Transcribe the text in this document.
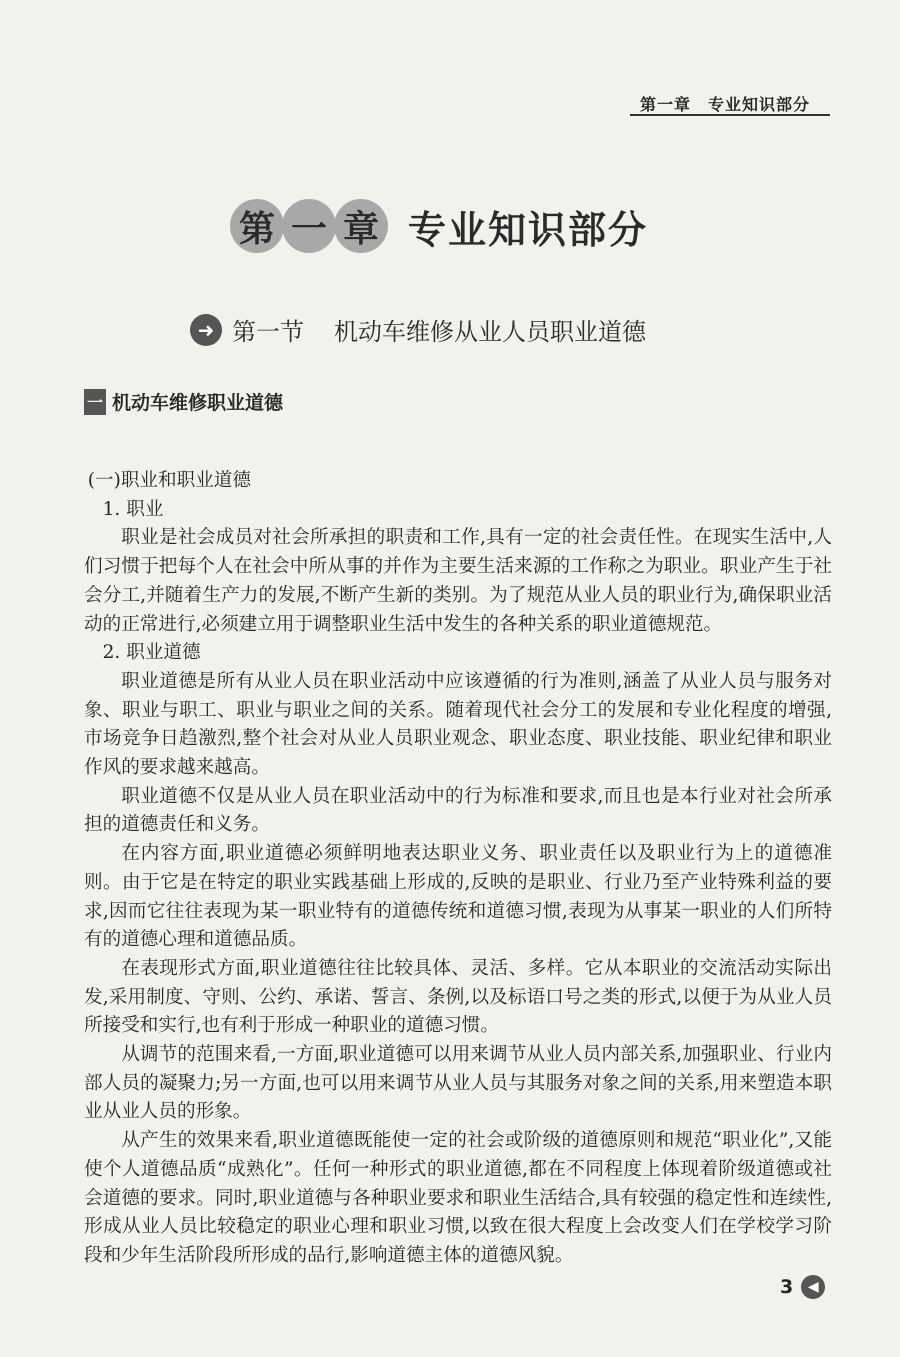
第一章　专业知识部分
第 一 章 专业知识部分
➜ 第一节 机动车维修从业人员职业道德
一 机动车维修职业道德

(一)职业和职业道德

1. 职业

职业是社会成员对社会所承担的职责和工作,具有一定的社会责任性。在现实生活中,人们习惯于把每个人在社会中所从事的并作为主要生活来源的工作称之为职业。职业产生于社会分工,并随着生产力的发展,不断产生新的类别。为了规范从业人员的职业行为,确保职业活动的正常进行,必须建立用于调整职业生活中发生的各种关系的职业道德规范。

2. 职业道德

职业道德是所有从业人员在职业活动中应该遵循的行为准则,涵盖了从业人员与服务对象、职业与职工、职业与职业之间的关系。随着现代社会分工的发展和专业化程度的增强,市场竞争日趋激烈,整个社会对从业人员职业观念、职业态度、职业技能、职业纪律和职业作风的要求越来越高。

职业道德不仅是从业人员在职业活动中的行为标准和要求,而且也是本行业对社会所承担的道德责任和义务。

在内容方面,职业道德必须鲜明地表达职业义务、职业责任以及职业行为上的道德准则。由于它是在特定的职业实践基础上形成的,反映的是职业、行业乃至产业特殊利益的要求,因而它往往表现为某一职业特有的道德传统和道德习惯,表现为从事某一职业的人们所特有的道德心理和道德品质。

在表现形式方面,职业道德往往比较具体、灵活、多样。它从本职业的交流活动实际出发,采用制度、守则、公约、承诺、誓言、条例,以及标语口号之类的形式,以便于为从业人员所接受和实行,也有利于形成一种职业的道德习惯。

从调节的范围来看,一方面,职业道德可以用来调节从业人员内部关系,加强职业、行业内部人员的凝聚力;另一方面,也可以用来调节从业人员与其服务对象之间的关系,用来塑造本职业从业人员的形象。

从产生的效果来看,职业道德既能使一定的社会或阶级的道德原则和规范“职业化”,又能使个人道德品质“成熟化”。任何一种形式的职业道德,都在不同程度上体现着阶级道德或社会道德的要求。同时,职业道德与各种职业要求和职业生活结合,具有较强的稳定性和连续性,形成从业人员比较稳定的职业心理和职业习惯,以致在很大程度上会改变人们在学校学习阶段和少年生活阶段所形成的品行,影响道德主体的道德风貌。

3	◀
